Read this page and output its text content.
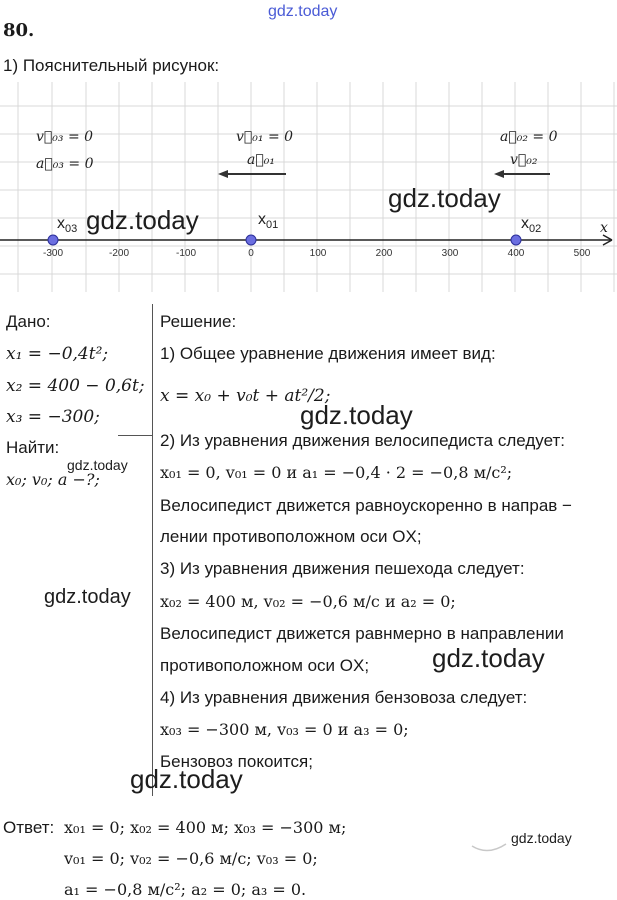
gdz.today
80.
1) Пояснительный рисунок:
x
-300	-200	-100	0	100	200	300	400	500
$x_{03}$
$x_{01}$	$x_{02}$
v⃗₀₃ = 0
a⃗₀₃ = 0
v⃗₀₁ = 0
a⃗₀₁
a⃗₀₂ = 0
v⃗₀₂
gdz.today
gdz.today
Дано:
x₁ = −0,4t²;
x₂ = 400 − 0,6t;
x₃ = −300;
Найти:
x₀; v₀; a −?;
gdz.today
gdz.today
Решение:
1) Общее уравнение движения имеет вид:
x = x₀ + v₀t + at²/2;
2) Из уравнения движения велосипедиста следует:
x₀₁ = 0, v₀₁ = 0 и a₁ = −0,4 · 2 = −0,8 м/с²;
Велосипедист движется равноускоренно в направ −
лении противоположном оси OX;
3) Из уравнения движения пешехода следует:
x₀₂ = 400 м, v₀₂ = −0,6 м/с и a₂ = 0;
Велосипедист движется равнмерно в направлении
противоположном оси OX;
4) Из уравнения движения бензовоза следует:
x₀₃ = −300 м, v₀₃ = 0 и a₃ = 0;
Бензовоз покоится;
gdz.today
gdz.today
gdz.today
Ответ: x₀₁ = 0; x₀₂ = 400 м; x₀₃ = −300 м;
v₀₁ = 0; v₀₂ = −0,6 м/с; v₀₃ = 0;
a₁ = −0,8 м/с²; a₂ = 0; a₃ = 0.
gdz.today
